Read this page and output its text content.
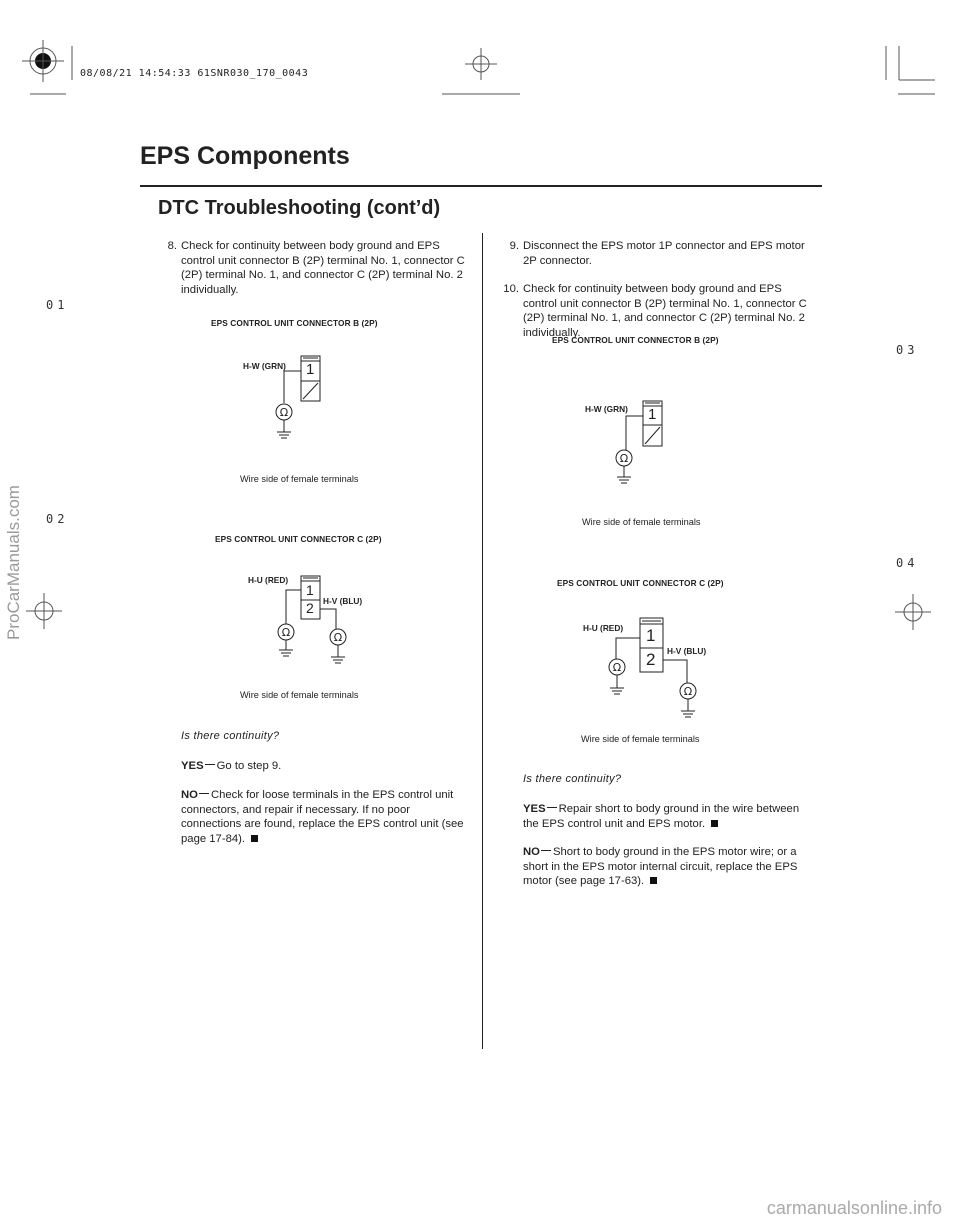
08/08/21 14:54:33 61SNR030_170_0043
EPS Components
DTC Troubleshooting (cont’d)
01
02
03
04
8. Check for continuity between body ground and EPS control unit connector B (2P) terminal No. 1, connector C (2P) terminal No. 1, and connector C (2P) terminal No. 2 individually.
EPS CONTROL UNIT CONNECTOR B (2P)
H-W (GRN)
Ω
1
Wire side of female terminals
EPS CONTROL UNIT CONNECTOR C (2P)
H-U (RED)
H-V (BLU)
Ω	Ω
1
2
Wire side of female terminals
Is there continuity?
YES Go to step 9.
NO Check for loose terminals in the EPS control unit connectors, and repair if necessary. If no poor connections are found, replace the EPS control unit (see page 17-84).
9. Disconnect the EPS motor 1P connector and EPS motor 2P connector.
10. Check for continuity between body ground and EPS control unit connector B (2P) terminal No. 1, connector C (2P) terminal No. 1, and connector C (2P) terminal No. 2 individually.
EPS CONTROL UNIT CONNECTOR B (2P)
H-W (GRN)
Ω
1
Wire side of female terminals
EPS CONTROL UNIT CONNECTOR C (2P)
H-U (RED)
H-V (BLU)
Ω
Ω
1
2
Wire side of female terminals
Is there continuity?
YES Repair short to body ground in the wire between the EPS control unit and EPS motor.
NO Short to body ground in the EPS motor wire; or a short in the EPS motor internal circuit, replace the EPS motor (see page 17-63).
ProCarManuals.com
carmanualsonline.info
